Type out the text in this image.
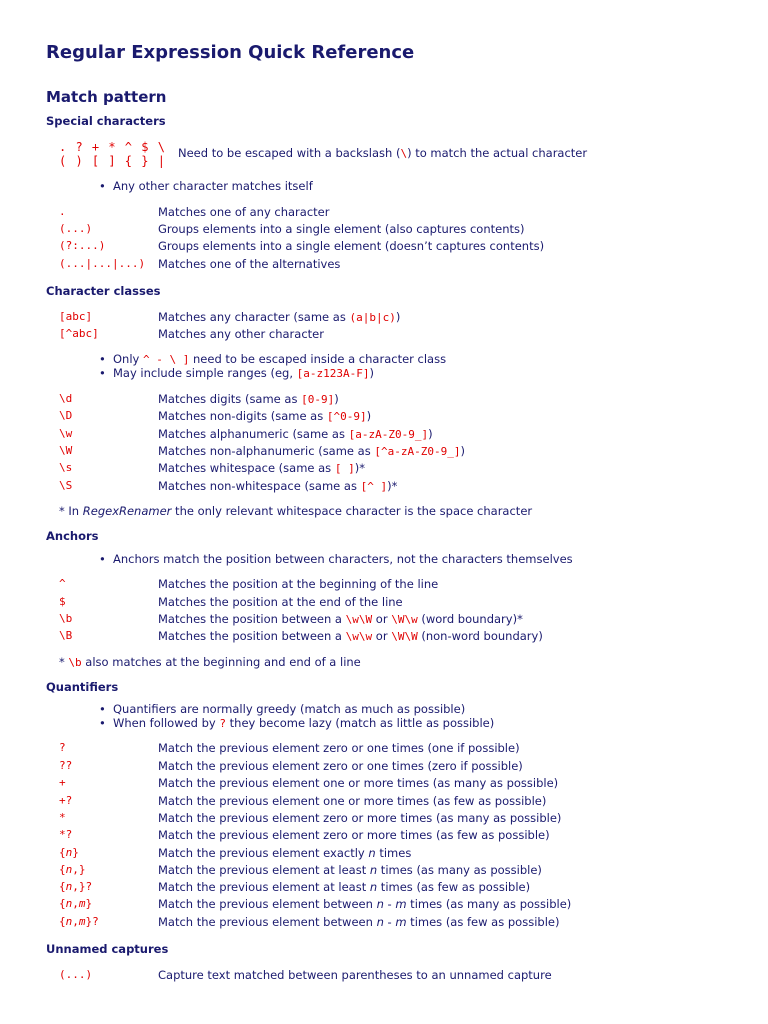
Regular Expression Quick Reference
Match pattern
Special characters
. ? + * ^ $ \
( ) [ ] { } |
Need to be escaped with a backslash (\) to match the actual character
• Any other character matches itself
.	Matches one of any character
(...)	Groups elements into a single element (also captures contents)
(?:...)	Groups elements into a single element (doesn’t captures contents)
(...|...|...) Matches one of the alternatives
Character classes
[abc]	Matches any character (same as (a|b|c))
[^abc]	Matches any other character
• Only ^ - \ ] need to be escaped inside a character class
• May include simple ranges (eg, [a-z123A-F])
\d	Matches digits (same as [0-9])
\D	Matches non-digits (same as [^0-9])
\w	Matches alphanumeric (same as [a-zA-Z0-9_])
\W	Matches non-alphanumeric (same as [^a-zA-Z0-9_])
\s	Matches whitespace (same as [ ])*
\S	Matches non-whitespace (same as [^ ])*
* In RegexRenamer the only relevant whitespace character is the space character
Anchors
• Anchors match the position between characters, not the characters themselves
^	Matches the position at the beginning of the line
$	Matches the position at the end of the line
\b	Matches the position between a \w\W or \W\w (word boundary)*
\B	Matches the position between a \w\w or \W\W (non-word boundary)
* \b also matches at the beginning and end of a line
Quantifiers
• Quantifiers are normally greedy (match as much as possible)
• When followed by ? they become lazy (match as little as possible)
?	Match the previous element zero or one times (one if possible)
??	Match the previous element zero or one times (zero if possible)
+	Match the previous element one or more times (as many as possible)
+?	Match the previous element one or more times (as few as possible)
*	Match the previous element zero or more times (as many as possible)
*?	Match the previous element zero or more times (as few as possible)
{n}	Match the previous element exactly n times
{n,}	Match the previous element at least n times (as many as possible)
{n,}?	Match the previous element at least n times (as few as possible)
{n,m}	Match the previous element between n - m times (as many as possible)
{n,m}?	Match the previous element between n - m times (as few as possible)
Unnamed captures
(...)	Capture text matched between parentheses to an unnamed capture
